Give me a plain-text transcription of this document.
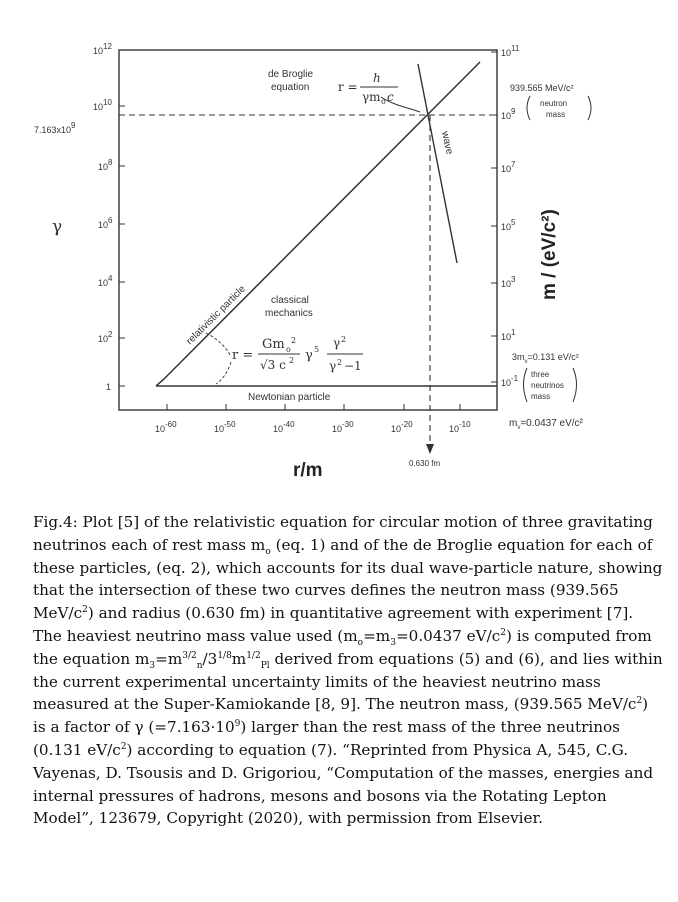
1012
1010
108
106
104
102
1
7.163x109
γ
1011
109
107
105
103
101
10-1
m / (eV/c²)
10-60	10-50	10-40	10-30	10-20	10-10
r/m	0.630 fm
relativistic particle classical
mechanics
Newtonian particle
wave
de Broglie
equation r =
h
γm o c
r =
Gm o
2
√3 c 2 γ 5 γ 2
γ 2 −1
939.565 MeV/c²
neutron
mass
$3m_v=0.131$ eV/c²
three
neutrinos
mass
$m_v=0.0437$ eV/c²

Fig.4: Plot [5] of the relativistic equation for circular motion of three gravitating neutrinos each of rest mass $m_o$ (eq. 1) and of the de Broglie equation for each of these particles, (eq. 2), which accounts for its dual wave-particle nature, showing that the intersection of these two curves defines the neutron mass (939.565 MeV/$c^2$) and radius (0.630 fm) in quantitative agreement with experiment [7]. The heaviest neutrino mass value used ($m_o=m_3=0.0437$ $eV/c^2$) is computed from the equation $m_3=m^{3/2}_n/3^{1/8}m^{1/2}_{Pl}$ derived from equations (5) and (6), and lies within the current experimental uncertainty limits of the heaviest neutrino mass measured at the Super-Kamiokande [8, 9]. The neutron mass, (939.565 MeV/$c^2$) is a factor of γ $(=7.163\cdot 10^9)$ larger than the rest mass of the three neutrinos (0.131 $eV/c^2$) according to equation (7). “Reprinted from Physica A, 545, C.G. Vayenas, D. Tsousis and D. Grigoriou, “Computation of the masses, energies and internal pressures of hadrons, mesons and bosons via the Rotating Lepton Model”, 123679, Copyright (2020), with permission from Elsevier.
